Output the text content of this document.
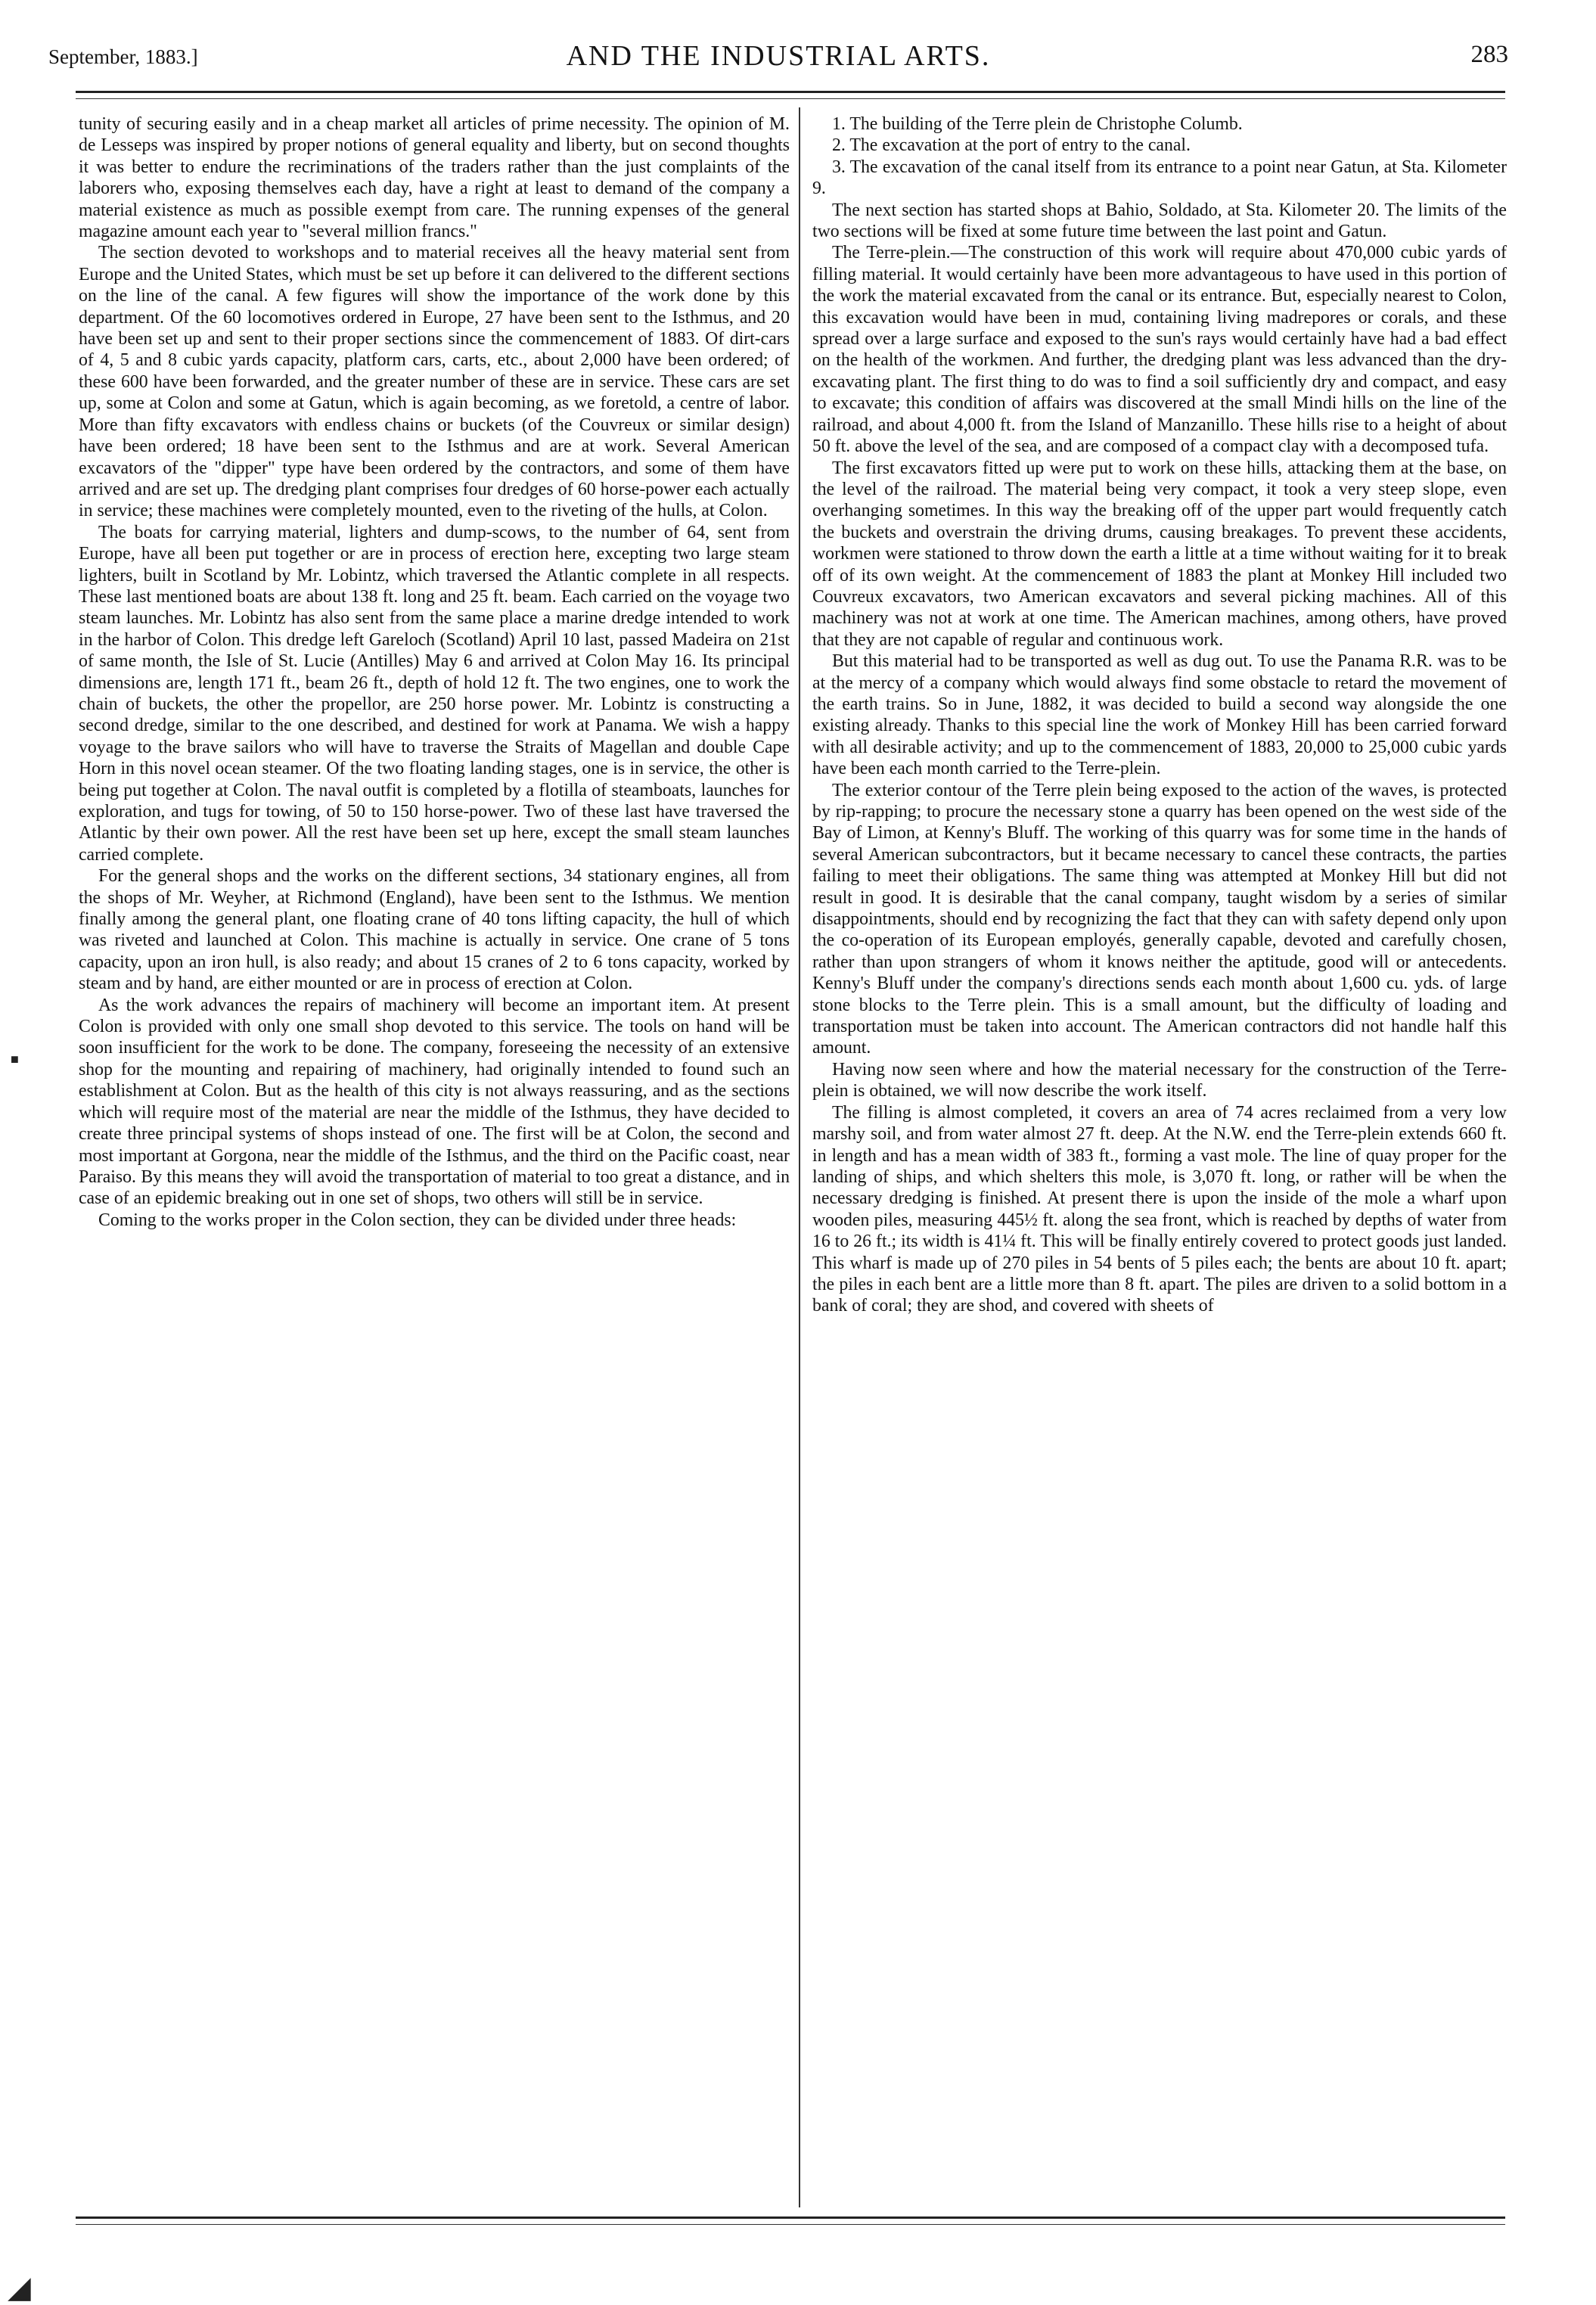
September, 1883.]	AND THE INDUSTRIAL ARTS.	283

tunity of securing easily and in a cheap market all articles of prime necessity. The opinion of M. de Lesseps was inspired by proper notions of general equality and liberty, but on second thoughts it was better to endure the recriminations of the traders rather than the just complaints of the laborers who, exposing themselves each day, have a right at least to demand of the company a material existence as much as possible exempt from care. The running expenses of the general magazine amount each year to "several million francs."

The section devoted to workshops and to material receives all the heavy material sent from Europe and the United States, which must be set up before it can delivered to the different sections on the line of the canal. A few figures will show the importance of the work done by this department. Of the 60 locomotives ordered in Europe, 27 have been sent to the Isthmus, and 20 have been set up and sent to their proper sections since the commencement of 1883. Of dirt-cars of 4, 5 and 8 cubic yards capacity, platform cars, carts, etc., about 2,000 have been ordered; of these 600 have been forwarded, and the greater number of these are in service. These cars are set up, some at Colon and some at Gatun, which is again becoming, as we foretold, a centre of labor. More than fifty excavators with endless chains or buckets (of the Couvreux or similar design) have been ordered; 18 have been sent to the Isthmus and are at work. Several American excavators of the "dipper" type have been ordered by the contractors, and some of them have arrived and are set up. The dredging plant comprises four dredges of 60 horse-power each actually in service; these machines were completely mounted, even to the riveting of the hulls, at Colon.

The boats for carrying material, lighters and dump-scows, to the number of 64, sent from Europe, have all been put together or are in process of erection here, excepting two large steam lighters, built in Scotland by Mr. Lobintz, which traversed the Atlantic complete in all respects. These last mentioned boats are about 138 ft. long and 25 ft. beam. Each carried on the voyage two steam launches. Mr. Lobintz has also sent from the same place a marine dredge intended to work in the harbor of Colon. This dredge left Gareloch (Scotland) April 10 last, passed Madeira on 21st of same month, the Isle of St. Lucie (Antilles) May 6 and arrived at Colon May 16. Its principal dimensions are, length 171 ft., beam 26 ft., depth of hold 12 ft. The two engines, one to work the chain of buckets, the other the propellor, are 250 horse power. Mr. Lobintz is constructing a second dredge, similar to the one described, and destined for work at Panama. We wish a happy voyage to the brave sailors who will have to traverse the Straits of Magellan and double Cape Horn in this novel ocean steamer. Of the two floating landing stages, one is in service, the other is being put together at Colon. The naval outfit is completed by a flotilla of steamboats, launches for exploration, and tugs for towing, of 50 to 150 horse-power. Two of these last have traversed the Atlantic by their own power. All the rest have been set up here, except the small steam launches carried complete.

For the general shops and the works on the different sections, 34 stationary engines, all from the shops of Mr. Weyher, at Richmond (England), have been sent to the Isthmus. We mention finally among the general plant, one floating crane of 40 tons lifting capacity, the hull of which was riveted and launched at Colon. This machine is actually in service. One crane of 5 tons capacity, upon an iron hull, is also ready; and about 15 cranes of 2 to 6 tons capacity, worked by steam and by hand, are either mounted or are in process of erection at Colon.

As the work advances the repairs of machinery will become an important item. At present Colon is provided with only one small shop devoted to this service. The tools on hand will be soon insufficient for the work to be done. The company, foreseeing the necessity of an extensive shop for the mounting and repairing of machinery, had originally intended to found such an establishment at Colon. But as the health of this city is not always reassuring, and as the sections which will require most of the material are near the middle of the Isthmus, they have decided to create three principal systems of shops instead of one. The first will be at Colon, the second and most important at Gorgona, near the middle of the Isthmus, and the third on the Pacific coast, near Paraiso. By this means they will avoid the transportation of material to too great a distance, and in case of an epidemic breaking out in one set of shops, two others will still be in service.

Coming to the works proper in the Colon section, they can be divided under three heads:

1. The building of the Terre plein de Christophe Columb.

2. The excavation at the port of entry to the canal.

3. The excavation of the canal itself from its entrance to a point near Gatun, at Sta. Kilometer 9.

The next section has started shops at Bahio, Soldado, at Sta. Kilometer 20. The limits of the two sections will be fixed at some future time between the last point and Gatun.

The Terre-plein.—The construction of this work will require about 470,000 cubic yards of filling material. It would certainly have been more advantageous to have used in this portion of the work the material excavated from the canal or its entrance. But, especially nearest to Colon, this excavation would have been in mud, containing living madrepores or corals, and these spread over a large surface and exposed to the sun's rays would certainly have had a bad effect on the health of the workmen. And further, the dredging plant was less advanced than the dry-excavating plant. The first thing to do was to find a soil sufficiently dry and compact, and easy to excavate; this condition of affairs was discovered at the small Mindi hills on the line of the railroad, and about 4,000 ft. from the Island of Manzanillo. These hills rise to a height of about 50 ft. above the level of the sea, and are composed of a compact clay with a decomposed tufa.

The first excavators fitted up were put to work on these hills, attacking them at the base, on the level of the railroad. The material being very compact, it took a very steep slope, even overhanging sometimes. In this way the breaking off of the upper part would frequently catch the buckets and overstrain the driving drums, causing breakages. To prevent these accidents, workmen were stationed to throw down the earth a little at a time without waiting for it to break off of its own weight. At the commencement of 1883 the plant at Monkey Hill included two Couvreux excavators, two American excavators and several picking machines. All of this machinery was not at work at one time. The American machines, among others, have proved that they are not capable of regular and continuous work.

But this material had to be transported as well as dug out. To use the Panama R.R. was to be at the mercy of a company which would always find some obstacle to retard the movement of the earth trains. So in June, 1882, it was decided to build a second way alongside the one existing already. Thanks to this special line the work of Monkey Hill has been carried forward with all desirable activity; and up to the commencement of 1883, 20,000 to 25,000 cubic yards have been each month carried to the Terre-plein.

The exterior contour of the Terre plein being exposed to the action of the waves, is protected by rip-rapping; to procure the necessary stone a quarry has been opened on the west side of the Bay of Limon, at Kenny's Bluff. The working of this quarry was for some time in the hands of several American subcontractors, but it became necessary to cancel these contracts, the parties failing to meet their obligations. The same thing was attempted at Monkey Hill but did not result in good. It is desirable that the canal company, taught wisdom by a series of similar disappointments, should end by recognizing the fact that they can with safety depend only upon the co-operation of its European employés, generally capable, devoted and carefully chosen, rather than upon strangers of whom it knows neither the aptitude, good will or antecedents. Kenny's Bluff under the company's directions sends each month about 1,600 cu. yds. of large stone blocks to the Terre plein. This is a small amount, but the difficulty of loading and transportation must be taken into account. The American contractors did not handle half this amount.

Having now seen where and how the material necessary for the construction of the Terre-plein is obtained, we will now describe the work itself.

The filling is almost completed, it covers an area of 74 acres reclaimed from a very low marshy soil, and from water almost 27 ft. deep. At the N.W. end the Terre-plein extends 660 ft. in length and has a mean width of 383 ft., forming a vast mole. The line of quay proper for the landing of ships, and which shelters this mole, is 3,070 ft. long, or rather will be when the necessary dredging is finished. At present there is upon the inside of the mole a wharf upon wooden piles, measuring 445½ ft. along the sea front, which is reached by depths of water from 16 to 26 ft.; its width is 41¼ ft. This will be finally entirely covered to protect goods just landed. This wharf is made up of 270 piles in 54 bents of 5 piles each; the bents are about 10 ft. apart; the piles in each bent are a little more than 8 ft. apart. The piles are driven to a solid bottom in a bank of coral; they are shod, and covered with sheets of

■
◢
